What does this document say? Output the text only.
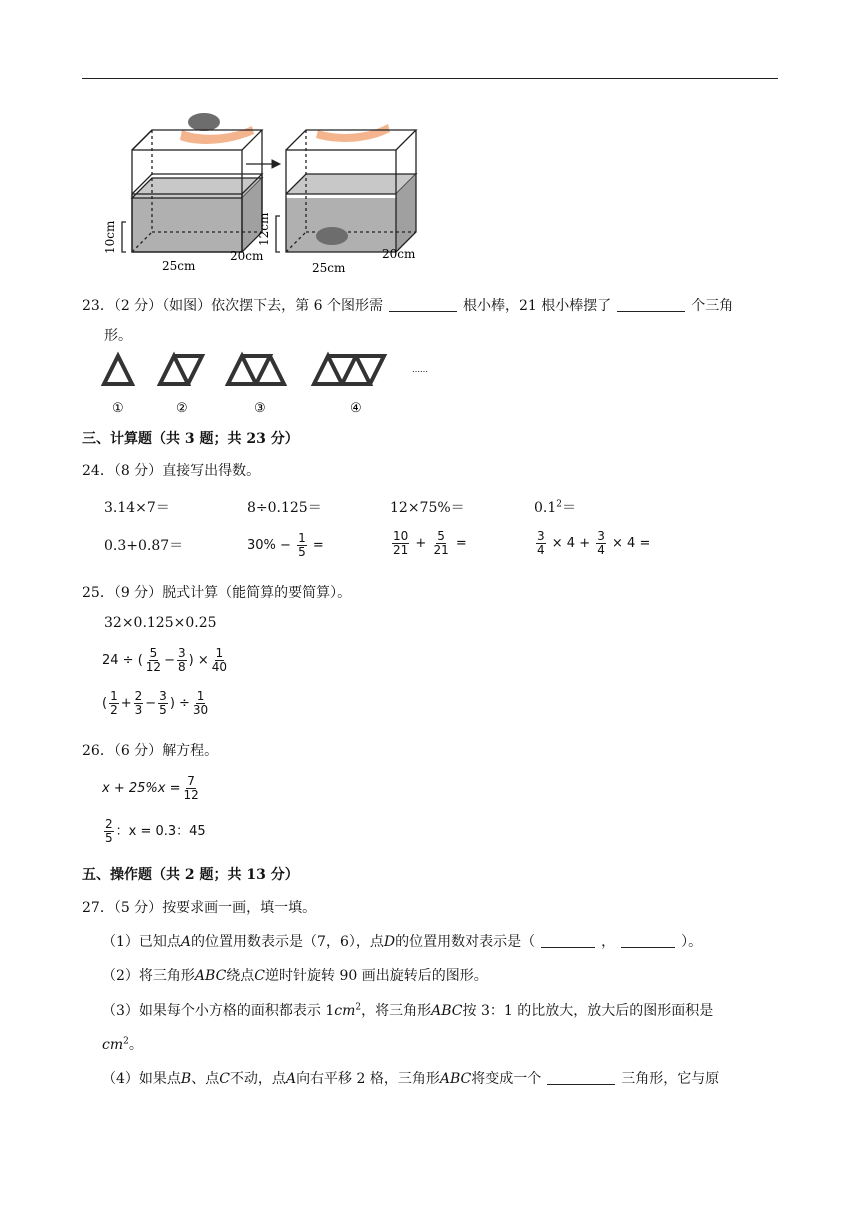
10cm	12cm
25cm
20cm
25cm
20cm
23．（2 分）（如图）依次摆下去，第 6 个图形需	根小棒，21 根小棒摆了	个三角
形。
……
①	②	③	④
三、计算题（共 3 题；共 23 分）
24．（8 分）直接写出得数。
3.14×7＝	8÷0.125＝	12×75%＝	$0.1^2=$
0.3+0.87＝	$30\% - \frac{1}{5}$ =	$\frac{10}{21} + \frac{5}{21}$ =	$\frac{3}{4} \times 4 + \frac{3}{4} \times 4$ =
25．（9 分）脱式计算（能简算的要简算）。
32×0.125×0.25
24 ÷ ( $\frac{5}{12} - \frac{3}{8}$ ) × $\frac{1}{40}$
( $\frac{1}{2} + \frac{2}{3} - \frac{3}{5}$ ) ÷ $\frac{1}{30}$
26．（6 分）解方程。
$x + 25\%x = \frac{7}{12}$
$\frac{2}{5}$ ：x = 0.3：45
五、操作题（共 2 题；共 13 分）
27．（5 分）按要求画一画，填一填。
（1）已知点A的位置用数表示是（7，6），点D的位置用数对表示是（	，	）。
（2）将三角形ABC绕点C逆时针旋转 90 画出旋转后的图形。
（3）如果每个小方格的面积都表示 $1cm^2$，将三角形ABC按 3：1 的比放大，放大后的图形面积是
$cm^2$。
（4）如果点B、点C不动，点A向右平移 2 格，三角形ABC将变成一个	三角形，它与原
